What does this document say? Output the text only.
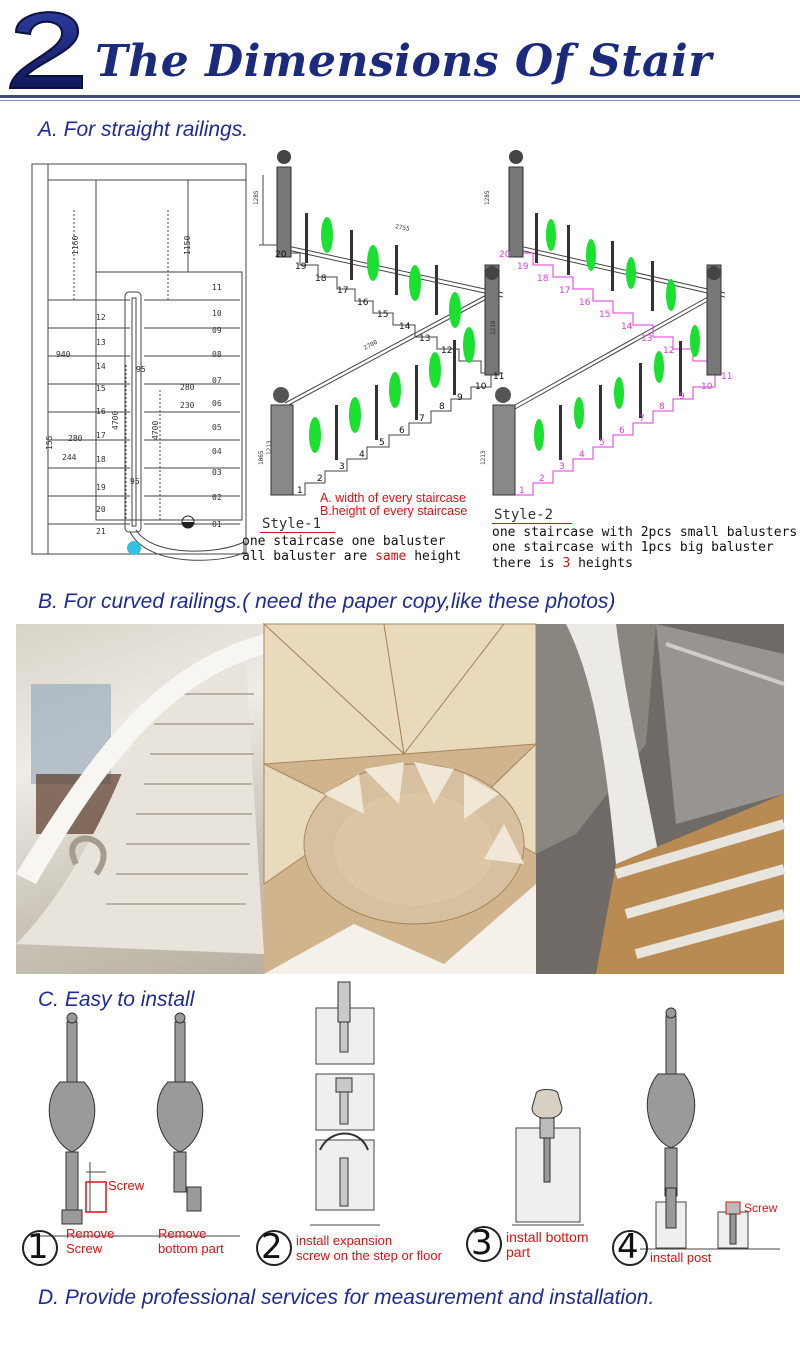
The Dimensions Of Stair
A. For straight railings.
1160	1150
940
4700
4700
95
95
280
230
280
244
155
11
10
09
08
07
06
05
04
03
02
01
12
13
14
15
16
17
18
19
20
21
20
19
18
17
16
15
14
13
12
11
10
1
2
3
4
5
6
7
8
9
1285
1210
1065
1213
2755
2700
A. width of every staircase
B.height of every staircase
Style-1
one staircase one baluster
all baluster are same height
20
19
18
17
16
15
14
13
12
11
10
1
2
3
4
5
6
7
8
9
1285
1213
Style-2
one staircase with 2pcs small balusters
one staircase with 1pcs big baluster
there is 3 heights
B. For curved railings.( need the paper copy,like these photos)
C. Easy to install
Screw
1 Remove
Screw
Remove
bottom part 2 install expansion
screw on the step or floor 3 install bottom
part
Screw
4 install post
D. Provide professional services for measurement and installation.
